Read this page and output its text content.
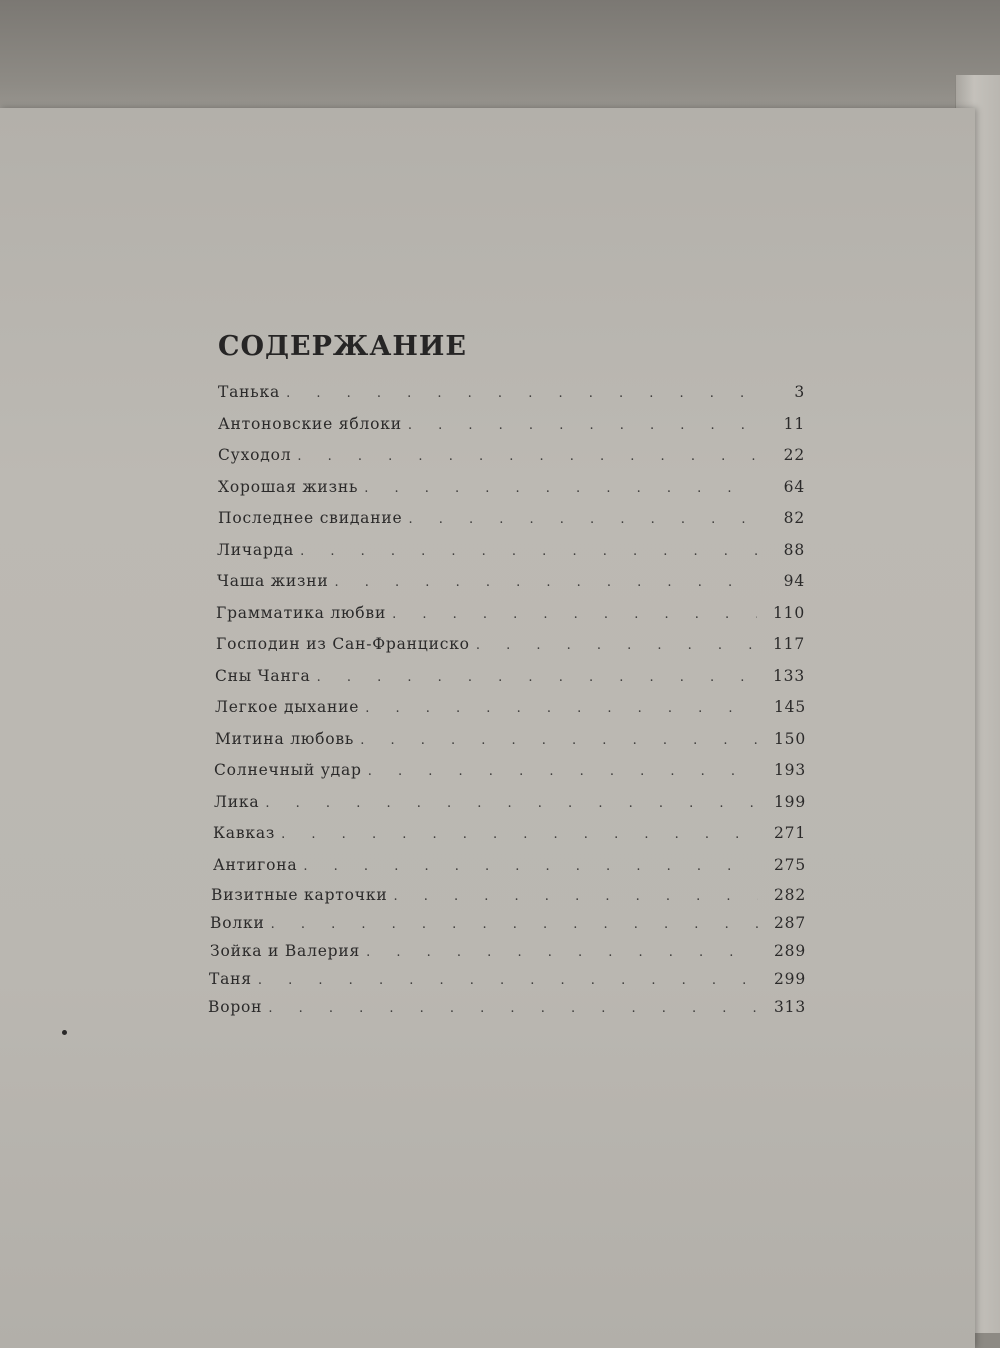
СОДЕРЖАНИЕ
Танька . . .	3
Антоновские яблоки . . .	11
Суходол . . .	22
Хорошая жизнь . . .	64
Последнее свидание . . .	82
Личарда . . .	88
Чаша жизни . . .	94
Грамматика любви . . .	110
Господин из Сан-Франциско . . .	117
Сны Чанга . . .	133
Легкое дыхание . . .	145
Митина любовь . . .	150
Солнечный удар . . .	193
Лика . . .	199
Кавказ . . .	271
Антигона . . .	275
Визитные карточки . . .	282
Волки . . .	287
Зойка и Валерия . . .	289
Таня . . .	299
Ворон . . .	313
